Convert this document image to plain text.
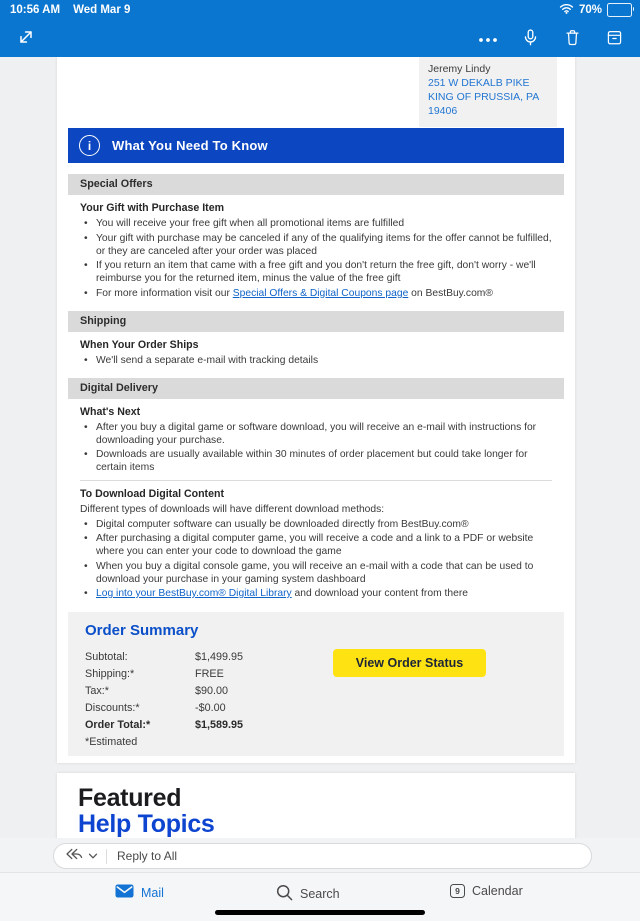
10:56 AM Wed Mar 9	70%
Jeremy Lindy
251 W DEKALB PIKE
KING OF PRUSSIA, PA
19406
i	What You Need To Know
Special Offers
Your Gift with Purchase Item
• You will receive your free gift when all promotional items are fulfilled
• Your gift with purchase may be canceled if any of the qualifying items for the offer cannot be fulfilled, or they are canceled after your order was placed
• If you return an item that came with a free gift and you don't return the free gift, don't worry - we'll reimburse you for the returned item, minus the value of the free gift
• For more information visit our Special Offers & Digital Coupons page on BestBuy.com®
Shipping
When Your Order Ships
• We'll send a separate e-mail with tracking details
Digital Delivery
What's Next
• After you buy a digital game or software download, you will receive an e-mail with instructions for downloading your purchase.
• Downloads are usually available within 30 minutes of order placement but could take longer for certain items
To Download Digital Content
Different types of downloads will have different download methods:
• Digital computer software can usually be downloaded directly from BestBuy.com®
• After purchasing a digital computer game, you will receive a code and a link to a PDF or website where you can enter your code to download the game
• When you buy a digital console game, you will receive an e-mail with a code that can be used to download your purchase in your gaming system dashboard
• Log into your BestBuy.com® Digital Library and download your content from there
Order Summary
Subtotal:	$1,499.95
Shipping:*	FREE
Tax:*	$90.00
Discounts:*	-$0.00
Order Total:*	$1,589.95
*Estimated
View Order Status
Featured
Help Topics
Reply to All
Mail	Search	9 Calendar
